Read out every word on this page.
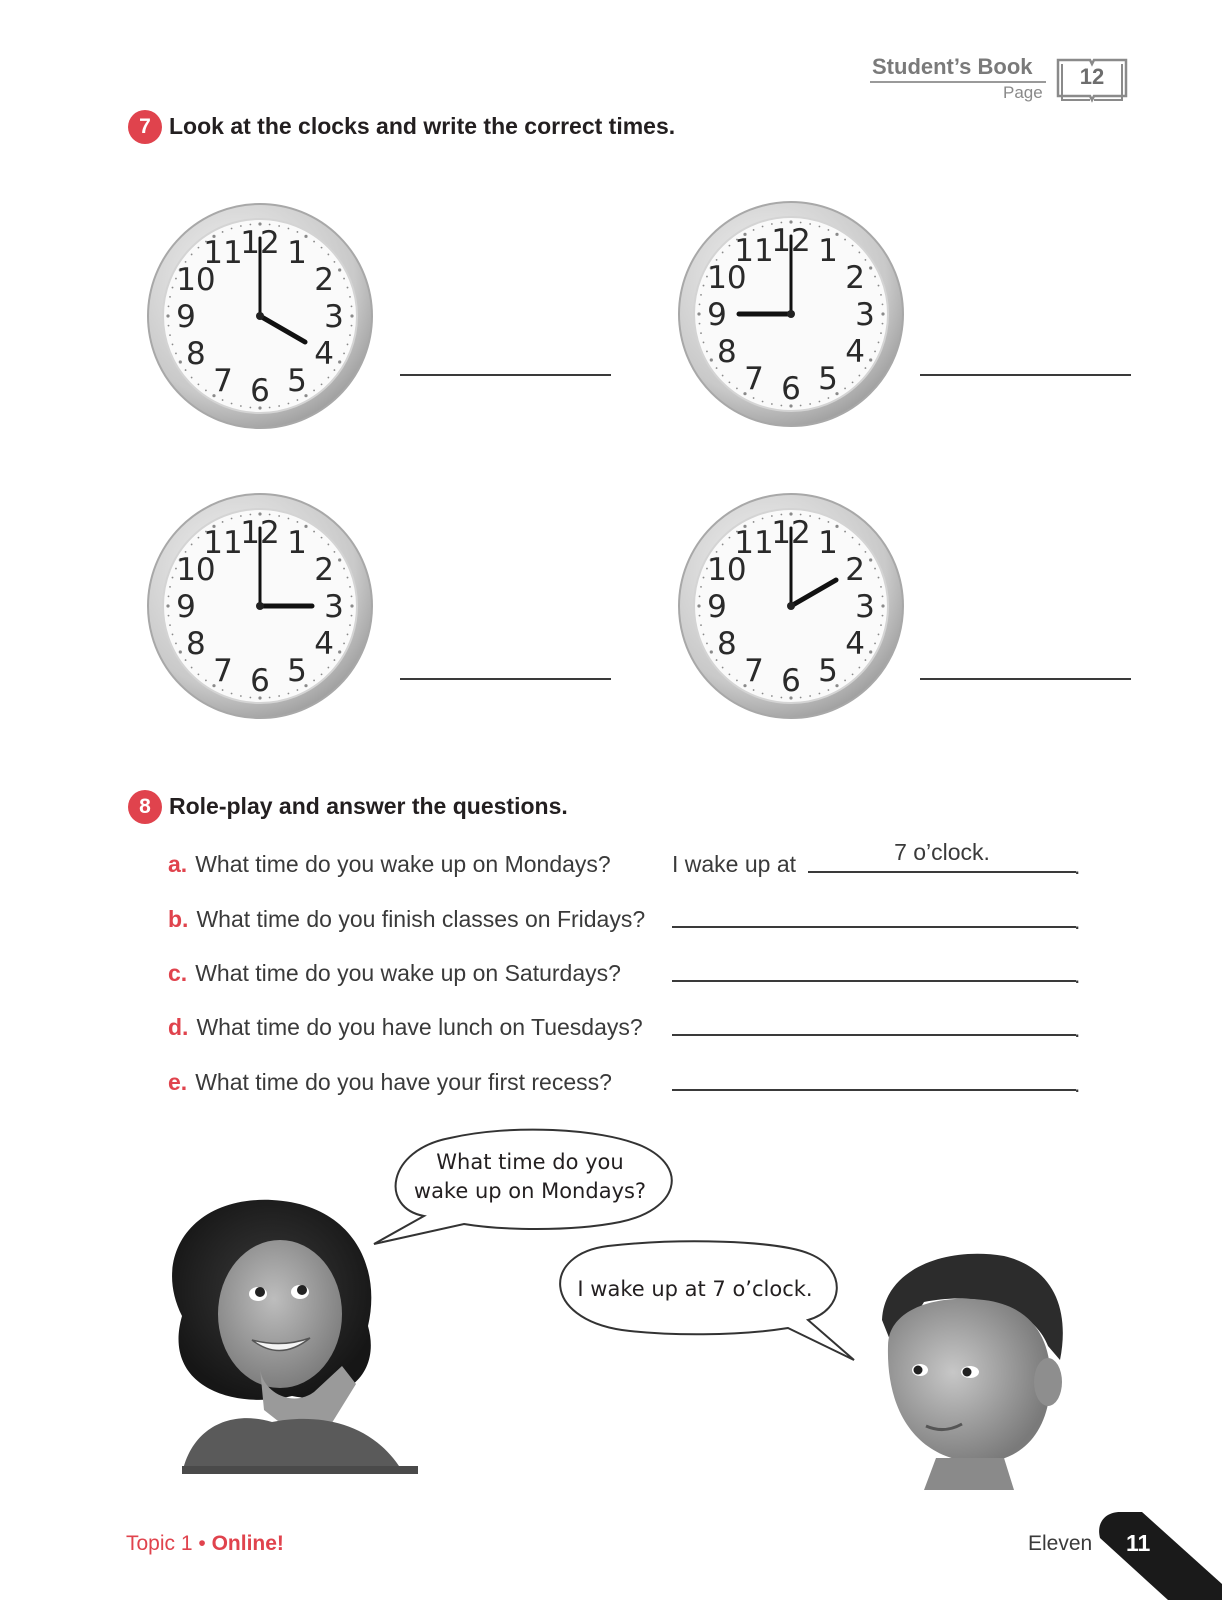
Student’s Book
Page
12
7 Look at the clocks and write the correct times.
12 1
2
3
4
5
6
7
8
9
10
11	12 1
2
3
4
5
6
7
8
9
10
11
12 1
2
3
4
5
6
7
8
9
10
11	12 1
2
3
4
5
6
7
8
9
10
11
8 Role-play and answer the questions.
a. What time do you wake up on Mondays?	I wake up at	7 o’clock.
.
b. What time do you finish classes on Fridays?	.
c. What time do you wake up on Saturdays?	.
d. What time do you have lunch on Tuesdays?	.
e. What time do you have your first recess?	.
What time do you
wake up on Mondays?
I wake up at 7 o’clock.
Topic 1 • Online!	Eleven 11
